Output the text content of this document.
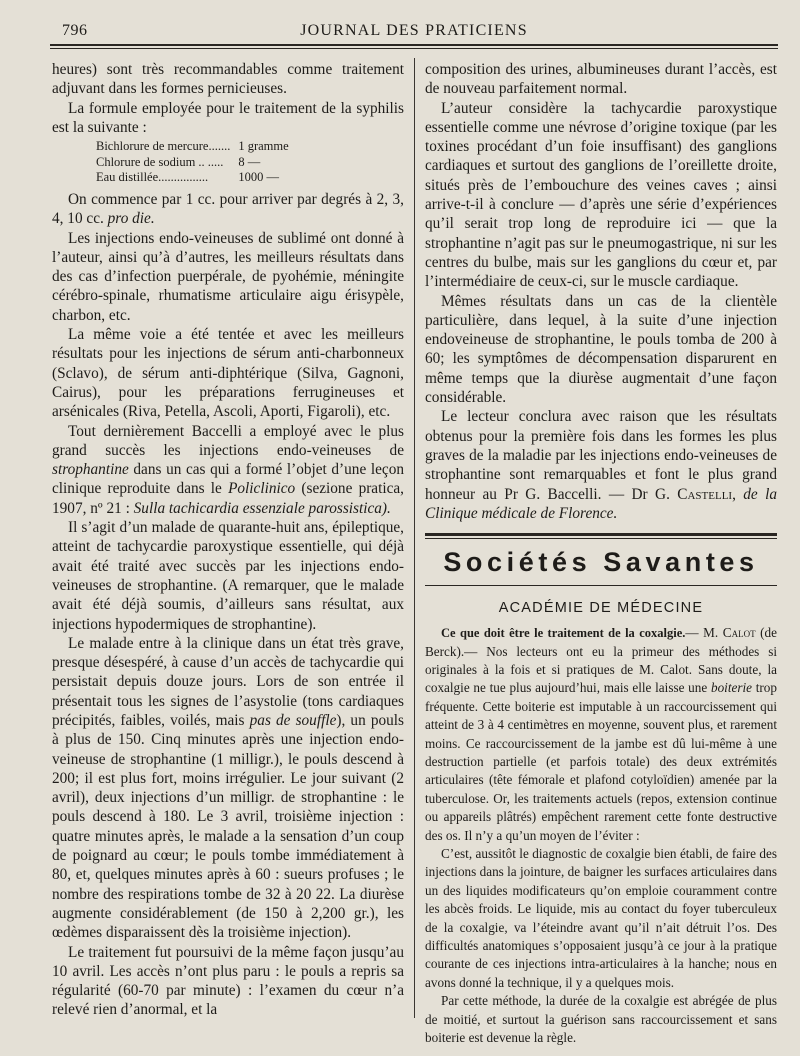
796	JOURNAL DES PRATICIENS

heures) sont très recommandables comme traitement adjuvant dans les formes pernicieuses.

La formule employée pour le traitement de la syphilis est la suivante :

Bichlorure de mercure.......	1 gramme
Chlorure de sodium .. .....	8 —
Eau distillée................	1000 —

On commence par 1 cc. pour arriver par degrés à 2, 3, 4, 10 cc. pro die.

Les injections endo-veineuses de sublimé ont donné à l’auteur, ainsi qu’à d’autres, les meilleurs résultats dans des cas d’infection puerpérale, de pyohémie, méningite cérébro-spinale, rhumatisme articulaire aigu érisypèle, charbon, etc.

La même voie a été tentée et avec les meilleurs résultats pour les injections de sérum anti-charbonneux (Sclavo), de sérum anti-diphtérique (Silva, Gagnoni, Cairus), pour les préparations ferrugineuses et arsénicales (Riva, Petella, Ascoli, Aporti, Figaroli), etc.

Tout dernièrement Baccelli a employé avec le plus grand succès les injections endo-veineuses de strophantine dans un cas qui a formé l’objet d’une leçon clinique reproduite dans le Policlinico (sezione pratica, 1907, nº 21 : Sulla tachicardia essenziale parossistica).

Il s’agit d’un malade de quarante-huit ans, épileptique, atteint de tachycardie paroxystique essentielle, qui déjà avait été traité avec succès par les injections endo-veineuses de strophantine. (A remarquer, que le malade avait été déjà soumis, d’ailleurs sans résultat, aux injections hypodermiques de strophantine).

Le malade entre à la clinique dans un état très grave, presque désespéré, à cause d’un accès de tachycardie qui persistait depuis douze jours. Lors de son entrée il présentait tous les signes de l’asystolie (tons cardiaques précipités, faibles, voilés, mais pas de souffle), un pouls à plus de 150. Cinq minutes après une injection endo-veineuse de strophantine (1 milligr.), le pouls descend à 200; il est plus fort, moins irrégulier. Le jour suivant (2 avril), deux injections d’un milligr. de strophantine : le pouls descend à 180. Le 3 avril, troisième injection : quatre minutes après, le malade a la sensation d’un coup de poignard au cœur; le pouls tombe immédiatement à 80, et, quelques minutes après à 60 : sueurs profuses ; le nombre des respirations tombe de 32 à 20 22. La diurèse augmente considérablement (de 150 à 2,200 gr.), les œdèmes disparaissent dès la troisième injection).

Le traitement fut poursuivi de la même façon jusqu’au 10 avril. Les accès n’ont plus paru : le pouls a repris sa régularité (60-70 par minute) : l’examen du cœur n’a relevé rien d’anormal, et la

composition des urines, albumineuses durant l’accès, est de nouveau parfaitement normal.

L’auteur considère la tachycardie paroxystique essentielle comme une névrose d’origine toxique (par les toxines procédant d’un foie insuffisant) des ganglions cardiaques et surtout des ganglions de l’oreillette droite, situés près de l’embouchure des veines caves ; ainsi arrive-t-il à conclure — d’après une série d’expériences qu’il serait trop long de reproduire ici — que la strophantine n’agit pas sur le pneumogastrique, ni sur les centres du bulbe, mais sur les ganglions du cœur et, par l’intermédiaire de ceux-ci, sur le muscle cardiaque.

Mêmes résultats dans un cas de la clientèle particulière, dans lequel, à la suite d’une injection endoveineuse de strophantine, le pouls tomba de 200 à 60; les symptômes de décompensation disparurent en même temps que la diurèse augmentait d’une façon considérable.

Le lecteur conclura avec raison que les résultats obtenus pour la première fois dans les formes les plus graves de la maladie par les injections endo-veineuses de strophantine sont remarquables et font le plus grand honneur au Pr G. Baccelli. — Dr G. Castelli, de la Clinique médicale de Florence.

Sociétés Savantes
ACADÉMIE DE MÉDECINE

Ce que doit être le traitement de la coxalgie.— M. Calot (de Berck).— Nos lecteurs ont eu la primeur des méthodes si originales à la fois et si pratiques de M. Calot. Sans doute, la coxalgie ne tue plus aujourd’hui, mais elle laisse une boiterie trop fréquente. Cette boiterie est imputable à un raccourcissement qui atteint de 3 à 4 centimètres en moyenne, souvent plus, et rarement moins. Ce raccourcissement de la jambe est dû lui-même à une destruction partielle (et parfois totale) des deux extrémités articulaires (tête fémorale et plafond cotyloïdien) amenée par la tuberculose. Or, les traitements actuels (repos, extension continue ou appareils plâtrés) empêchent rarement cette fonte destructive des os. Il n’y a qu’un moyen de l’éviter :

C’est, aussitôt le diagnostic de coxalgie bien établi, de faire des injections dans la jointure, de baigner les surfaces articulaires dans un des liquides modificateurs qu’on emploie couramment contre les abcès froids. Le liquide, mis au contact du foyer tuberculeux de la coxalgie, va l’éteindre avant qu’il n’ait détruit l’os. Des difficultés anatomiques s’opposaient jusqu’à ce jour à la pratique courante de ces injections intra-articulaires à la hanche; nous en avons donné la technique, il y a quelques mois.

Par cette méthode, la durée de la coxalgie est abrégée de plus de moitié, et surtout la guérison sans raccourcissement et sans boiterie est devenue la règle.
